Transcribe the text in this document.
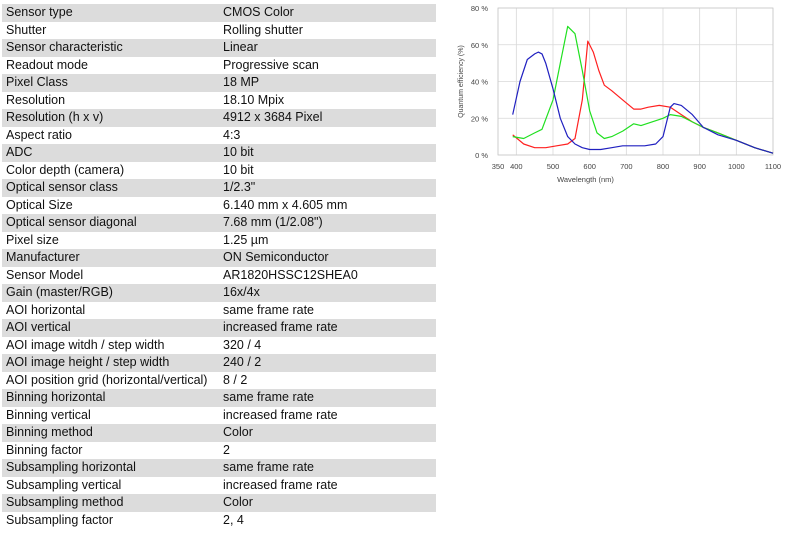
Sensor type	CMOS Color
Shutter	Rolling shutter
Sensor characteristic	Linear
Readout mode	Progressive scan
Pixel Class	18 MP
Resolution	18.10 Mpix
Resolution (h x v)	4912 x 3684 Pixel
Aspect ratio	4:3
ADC	10 bit
Color depth (camera)	10 bit
Optical sensor class	1/2.3"
Optical Size	6.140 mm x 4.605 mm
Optical sensor diagonal	7.68 mm (1/2.08")
Pixel size	1.25 µm
Manufacturer	ON Semiconductor
Sensor Model	AR1820HSSC12SHEA0
Gain (master/RGB)	16x/4x
AOI horizontal	same frame rate
AOI vertical	increased frame rate
AOI image witdh / step width	320 / 4
AOI image height / step width	240 / 2
AOI position grid (horizontal/vertical)	8 / 2
Binning horizontal	same frame rate
Binning vertical	increased frame rate
Binning method	Color
Binning factor	2
Subsampling horizontal	same frame rate
Subsampling vertical	increased frame rate
Subsampling method	Color
Subsampling factor	2, 4
350 400	500	600	700	800	900	1000	1100
0 %
20 %
40 %
60 %
80 %
Wavelength (nm)
Quantum efficiency (%)
